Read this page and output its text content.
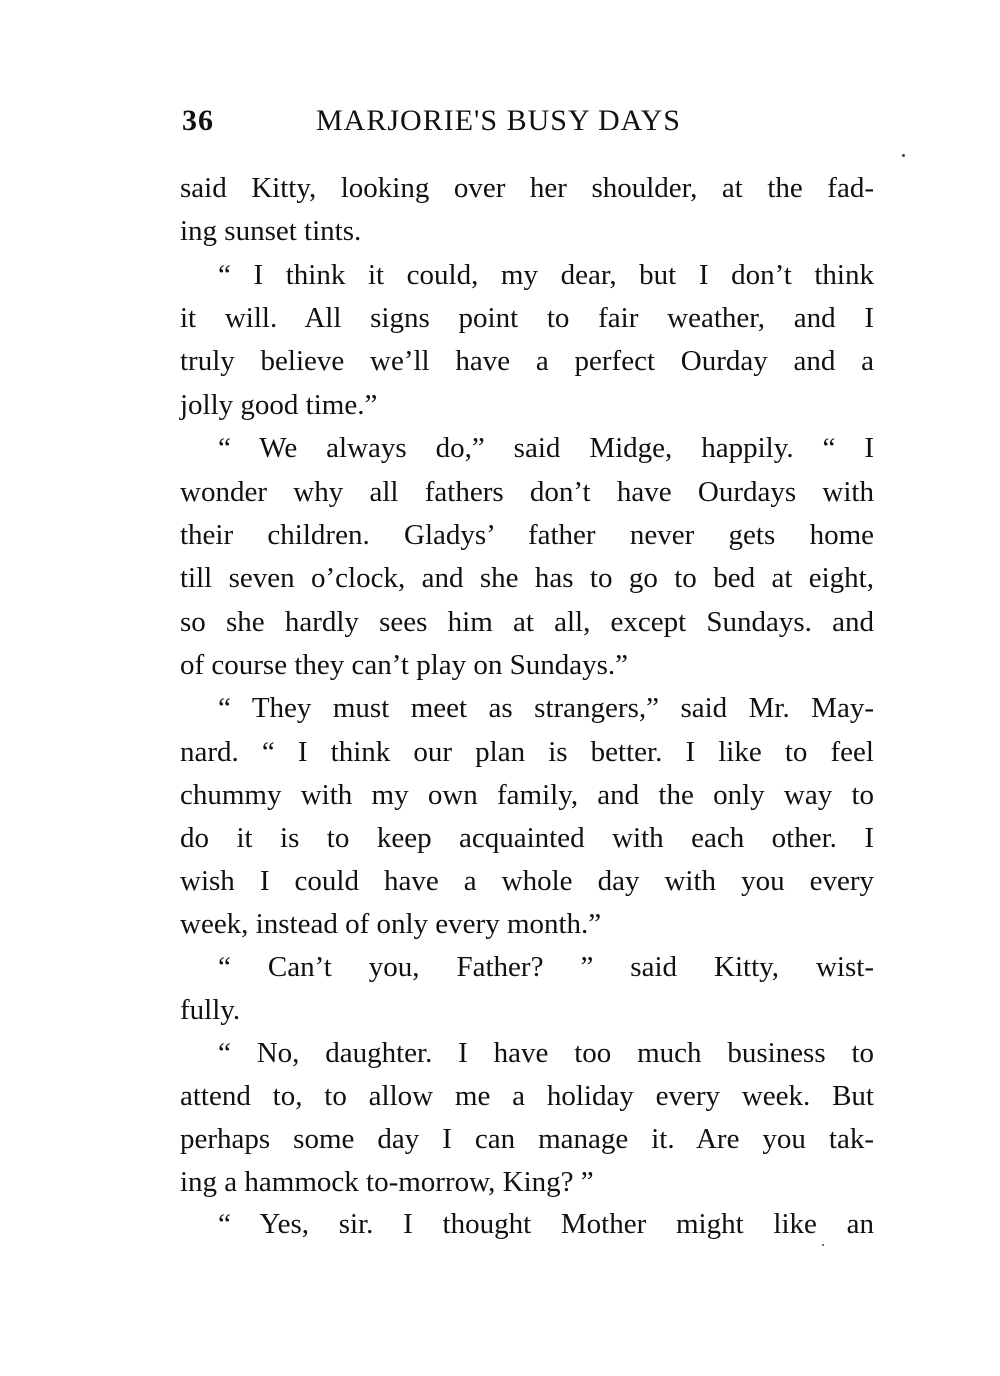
36	MARJORIE'S BUSY DAYS
said Kitty, looking over her shoulder, at the fad-
ing sunset tints.
“ I think it could, my dear, but I don’t think
it will. All signs point to fair weather, and I
truly believe we’ll have a perfect Ourday and a
jolly good time.”
“ We always do,” said Midge, happily. “ I
wonder why all fathers don’t have Ourdays with
their children. Gladys’ father never gets home
till seven o’clock, and she has to go to bed at eight,
so she hardly sees him at all, except Sundays. and
of course they can’t play on Sundays.”
“ They must meet as strangers,” said Mr. May-
nard. “ I think our plan is better. I like to feel
chummy with my own family, and the only way to
do it is to keep acquainted with each other. I
wish I could have a whole day with you every
week, instead of only every month.”
“ Can’t you, Father? ” said Kitty, wist-
fully.
“ No, daughter. I have too much business to
attend to, to allow me a holiday every week. But
perhaps some day I can manage it. Are you tak-
ing a hammock to-morrow, King? ”
“ Yes, sir. I thought Mother might like an
